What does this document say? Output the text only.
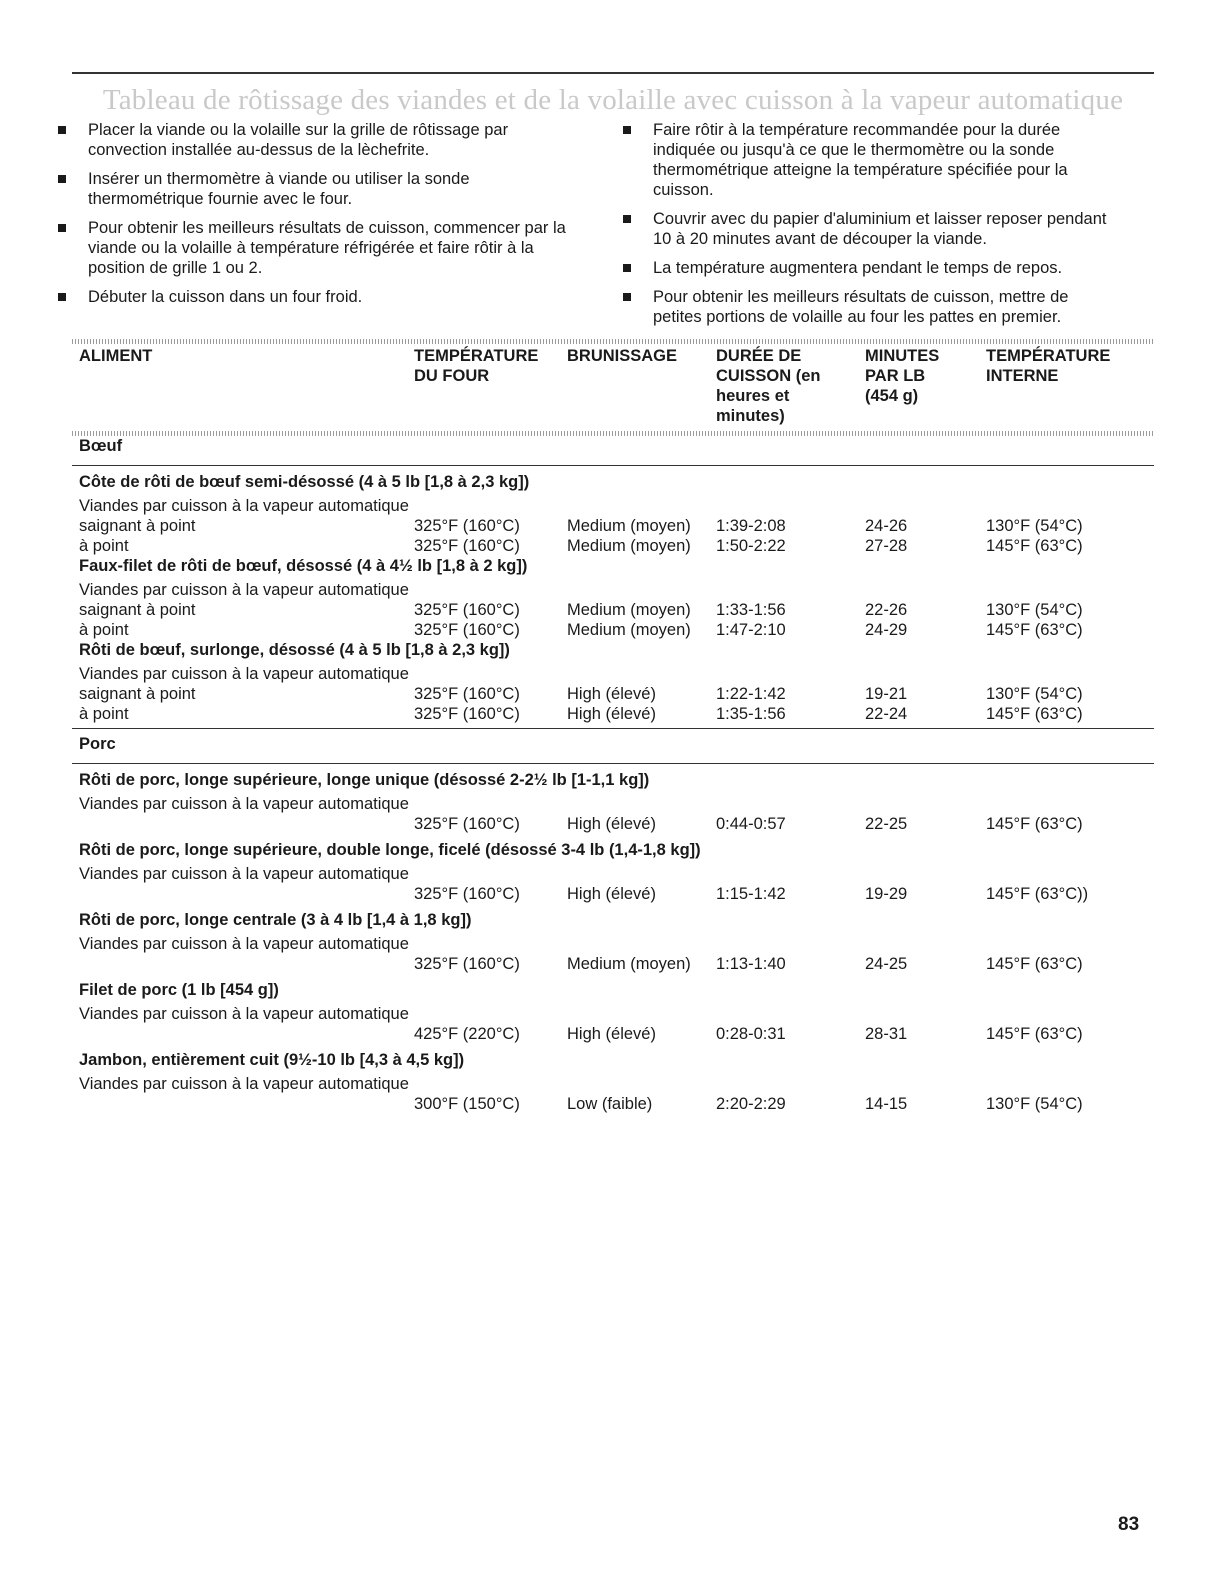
Tableau de rôtissage des viandes et de la volaille avec cuisson à la vapeur automatique
Placer la viande ou la volaille sur la grille de rôtissage par convection installée au-dessus de la lèchefrite.
Insérer un thermomètre à viande ou utiliser la sonde thermométrique fournie avec le four.
Pour obtenir les meilleurs résultats de cuisson, commencer par la viande ou la volaille à température réfrigérée et faire rôtir à la position de grille 1 ou 2.
Débuter la cuisson dans un four froid.
Faire rôtir à la température recommandée pour la durée indiquée ou jusqu'à ce que le thermomètre ou la sonde thermométrique atteigne la température spécifiée pour la cuisson.
Couvrir avec du papier d'aluminium et laisser reposer pendant 10 à 20 minutes avant de découper la viande.
La température augmentera pendant le temps de repos.
Pour obtenir les meilleurs résultats de cuisson, mettre de petites portions de volaille au four les pattes en premier.
ALIMENT	TEMPÉRATURE DU FOUR	BRUNISSAGE	DURÉE DE CUISSON (en heures et minutes)	MINUTES PAR LB (454 g)	TEMPÉRATURE INTERNE
Bœuf					
Côte de rôti de bœuf semi-désossé (4 à 5 lb [1,8 à 2,3 kg])					
Viandes par cuisson à la vapeur automatique					
saignant à point	325°F (160°C)	Medium (moyen)	1:39-2:08	24-26	130°F (54°C)
à point	325°F (160°C)	Medium (moyen)	1:50-2:22	27-28	145°F (63°C)
Faux-filet de rôti de bœuf, désossé (4 à 4½ lb [1,8 à 2 kg])					
Viandes par cuisson à la vapeur automatique					
saignant à point	325°F (160°C)	Medium (moyen)	1:33-1:56	22-26	130°F (54°C)
à point	325°F (160°C)	Medium (moyen)	1:47-2:10	24-29	145°F (63°C)
Rôti de bœuf, surlonge, désossé (4 à 5 lb [1,8 à 2,3 kg])					
Viandes par cuisson à la vapeur automatique					
saignant à point	325°F (160°C)	High (élevé)	1:22-1:42	19-21	130°F (54°C)
à point	325°F (160°C)	High (élevé)	1:35-1:56	22-24	145°F (63°C)
Porc					
Rôti de porc, longe supérieure, longe unique (désossé 2-2½ lb [1-1,1 kg])					
Viandes par cuisson à la vapeur automatique	325°F (160°C)	High (élevé)	0:44-0:57	22-25	145°F (63°C)
Rôti de porc, longe supérieure, double longe, ficelé (désossé 3-4 lb (1,4-1,8 kg])					
Viandes par cuisson à la vapeur automatique	325°F (160°C)	High (élevé)	1:15-1:42	19-29	145°F (63°C))
Rôti de porc, longe centrale (3 à 4 lb [1,4 à 1,8 kg])					
Viandes par cuisson à la vapeur automatique	325°F (160°C)	Medium (moyen)	1:13-1:40	24-25	145°F (63°C)
Filet de porc (1 lb [454 g])					
Viandes par cuisson à la vapeur automatique	425°F (220°C)	High (élevé)	0:28-0:31	28-31	145°F (63°C)
Jambon, entièrement cuit (9½-10 lb [4,3 à 4,5 kg])					
Viandes par cuisson à la vapeur automatique	300°F (150°C)	Low (faible)	2:20-2:29	14-15	130°F (54°C)
83
